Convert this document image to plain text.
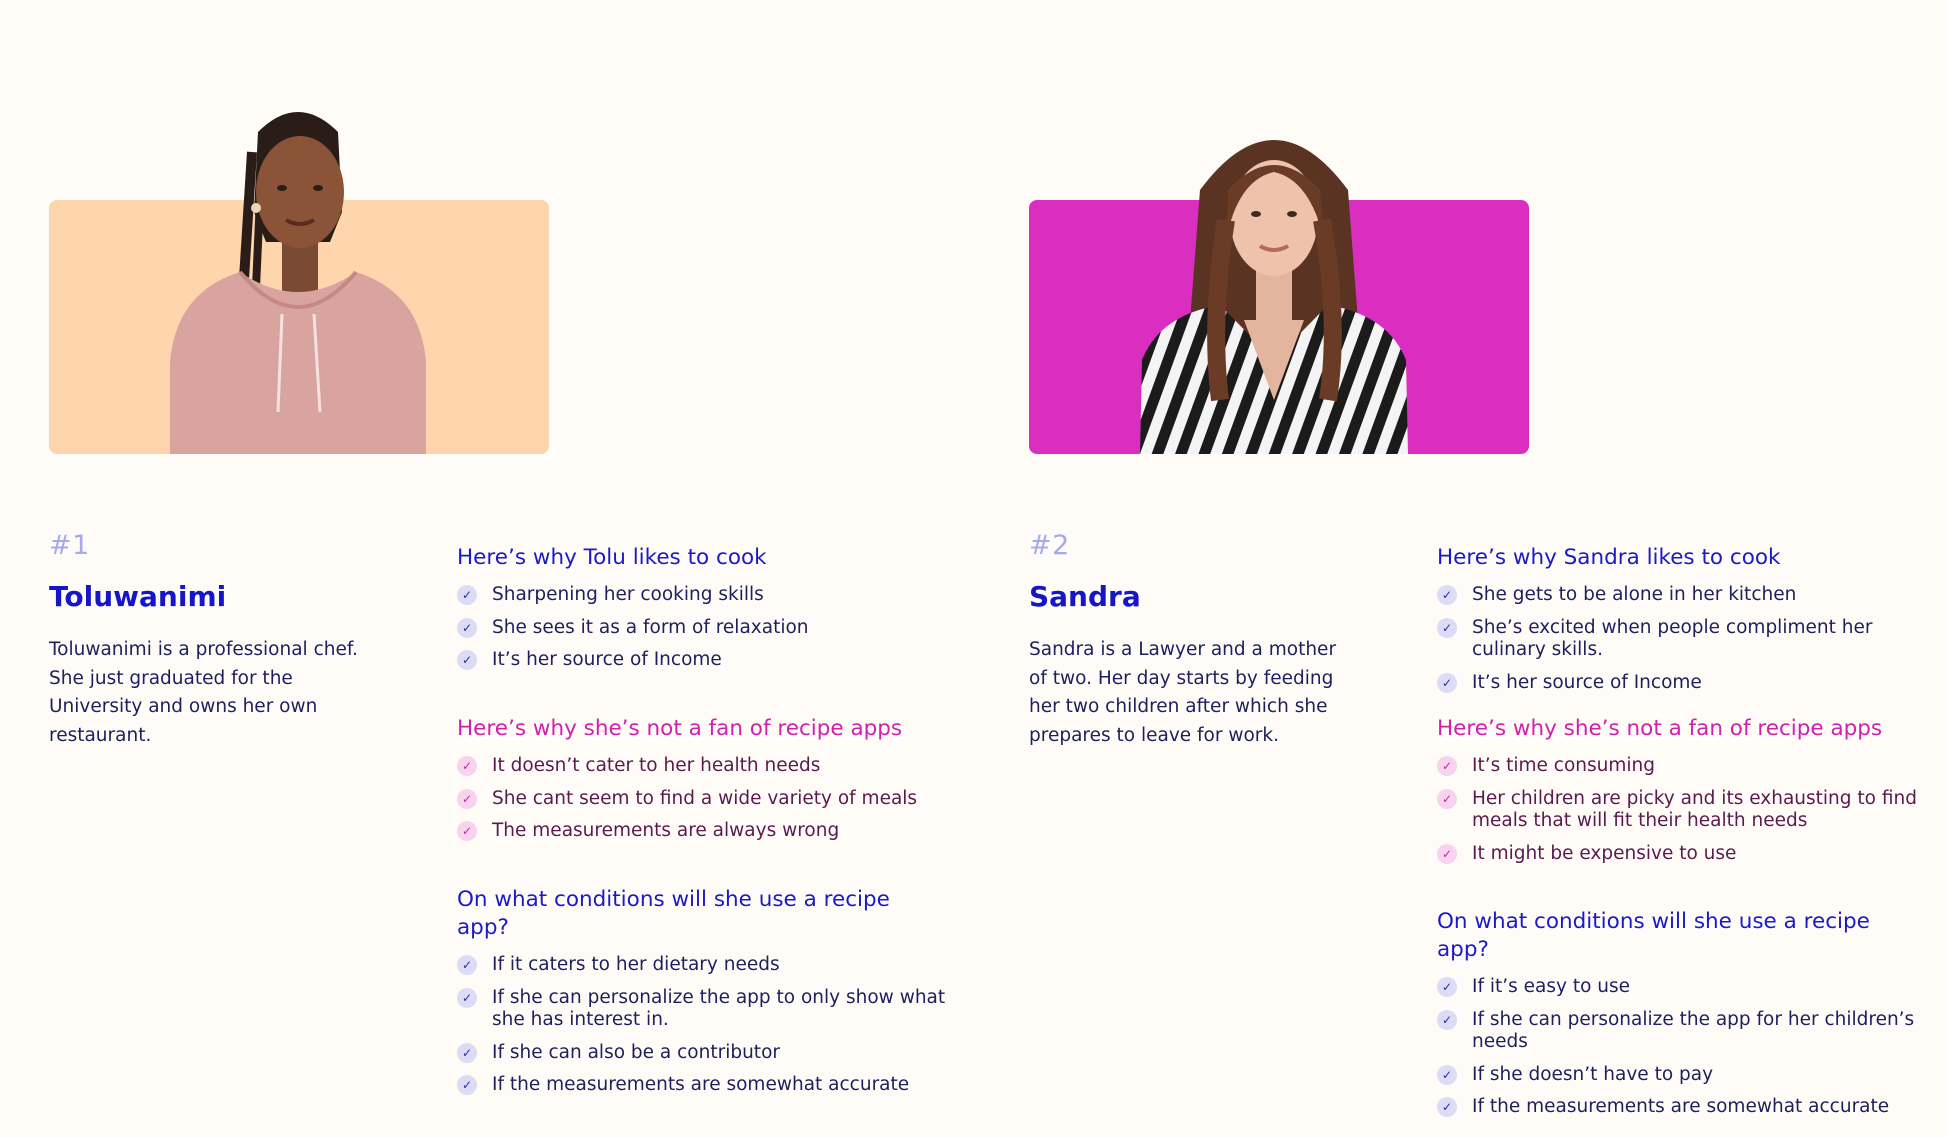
#1
Toluwanimi
Toluwanimi is a professional chef. She just graduated for the University and owns her own restaurant.
Here’s why Tolu likes to cook
✓ Sharpening her cooking skills
✓ She sees it as a form of relaxation
✓ It’s her source of Income
Here’s why she’s not a fan of recipe apps
✓ It doesn’t cater to her health needs
✓ She cant seem to find a wide variety of meals
✓ The measurements are always wrong
On what conditions will she use a recipe app?
✓ If it caters to her dietary needs
✓ If she can personalize the app to only show what she has interest in.
✓ If she can also be a contributor
✓ If the measurements are somewhat accurate
#2
Sandra
Sandra is a Lawyer and a mother of two. Her day starts by feeding her two children after which she prepares to leave for work.
Here’s why Sandra likes to cook
✓ She gets to be alone in her kitchen
✓ She’s excited when people compliment her culinary skills.
✓ It’s her source of Income
Here’s why she’s not a fan of recipe apps
✓ It’s time consuming
✓ Her children are picky and its exhausting to find meals that will fit their health needs
✓ It might be expensive to use
On what conditions will she use a recipe app?
✓ If it’s easy to use
✓ If she can personalize the app for her children’s needs
✓ If she doesn’t have to pay
✓ If the measurements are somewhat accurate
